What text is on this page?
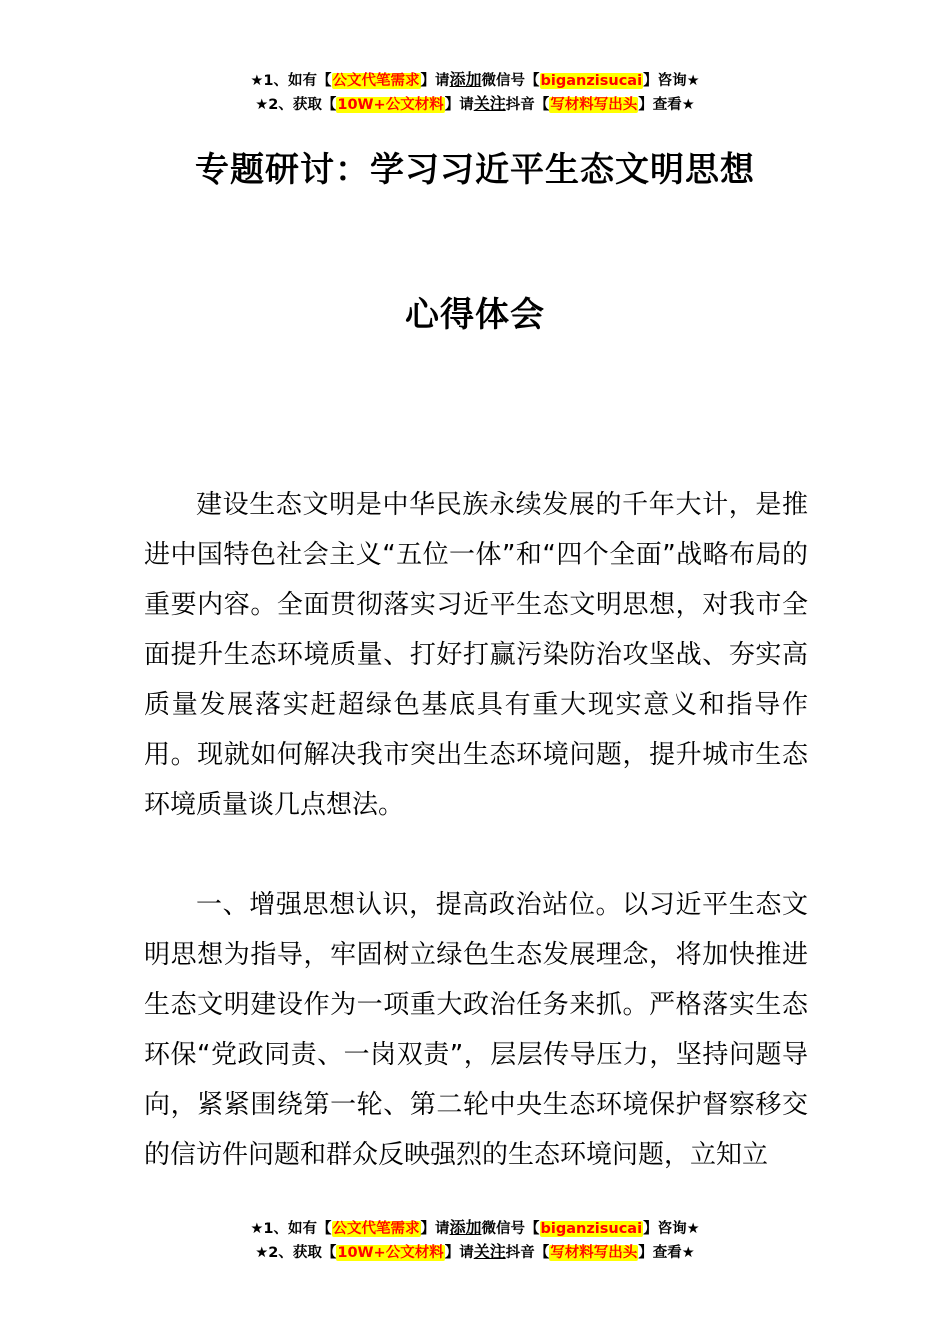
★1、如有【公文代笔需求】请添加微信号【biganzisucai】咨询★
★2、获取【10W+公文材料】请关注抖音【写材料写出头】查看★
专题研讨：学习习近平生态文明思想
心得体会

建设生态文明是中华民族永续发展的千年大计，是推进中国特色社会主义“五位一体”和“四个全面”战略布局的重要内容。全面贯彻落实习近平生态文明思想，对我市全面提升生态环境质量、打好打赢污染防治攻坚战、夯实高质量发展落实赶超绿色基底具有重大现实意义和指导作用。现就如何解决我市突出生态环境问题，提升城市生态环境质量谈几点想法。

一、增强思想认识，提高政治站位。以习近平生态文明思想为指导，牢固树立绿色生态发展理念，将加快推进生态文明建设作为一项重大政治任务来抓。严格落实生态环保“党政同责、一岗双责”，层层传导压力，坚持问题导向，紧紧围绕第一轮、第二轮中央生态环境保护督察移交的信访件问题和群众反映强烈的生态环境问题，立知立

★1、如有【公文代笔需求】请添加微信号【biganzisucai】咨询★
★2、获取【10W+公文材料】请关注抖音【写材料写出头】查看★
